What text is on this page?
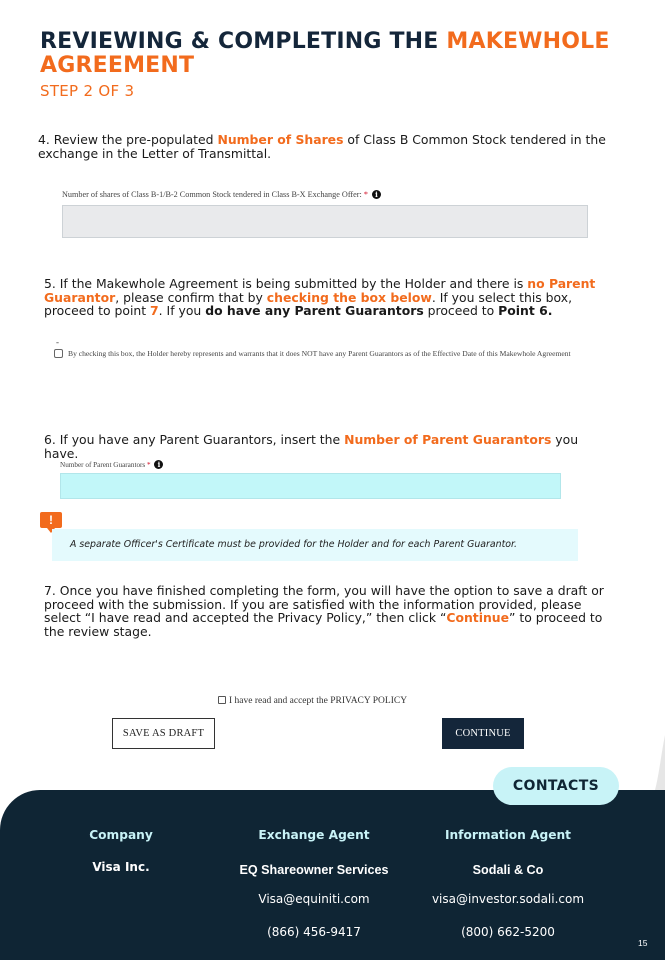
REVIEWING & COMPLETING THE MAKEWHOLE
AGREEMENT
STEP 2 OF 3
4. Review the pre-populated Number of Shares of Class B Common Stock tendered in the exchange in the Letter of Transmittal.
Number of shares of Class B-1/B-2 Common Stock tendered in Class B-X Exchange Offer: * i
5. If the Makewhole Agreement is being submitted by the Holder and there is no Parent Guarantor, please confirm that by checking the box below. If you select this box, proceed to point 7. If you do have any Parent Guarantors proceed to Point 6.
-
By checking this box, the Holder hereby represents and warrants that it does NOT have any Parent Guarantors as of the Effective Date of this Makewhole Agreement
6. If you have any Parent Guarantors, insert the Number of Parent Guarantors you have.
Number of Parent Guarantors * i
!
A separate Officer's Certificate must be provided for the Holder and for each Parent Guarantor.
7. Once you have finished completing the form, you will have the option to save a draft or proceed with the submission. If you are satisfied with the information provided, please select “I have read and accepted the Privacy Policy,” then click “Continue” to proceed to the review stage.
I have read and accept the PRIVACY POLICY
SAVE AS DRAFT	CONTINUE
Company
Visa Inc.
Exchange Agent
EQ Shareowner Services
Visa@equiniti.com
(866) 456-9417
Information Agent
Sodali & Co
visa@investor.sodali.com
(800) 662-5200
CONTACTS
15
